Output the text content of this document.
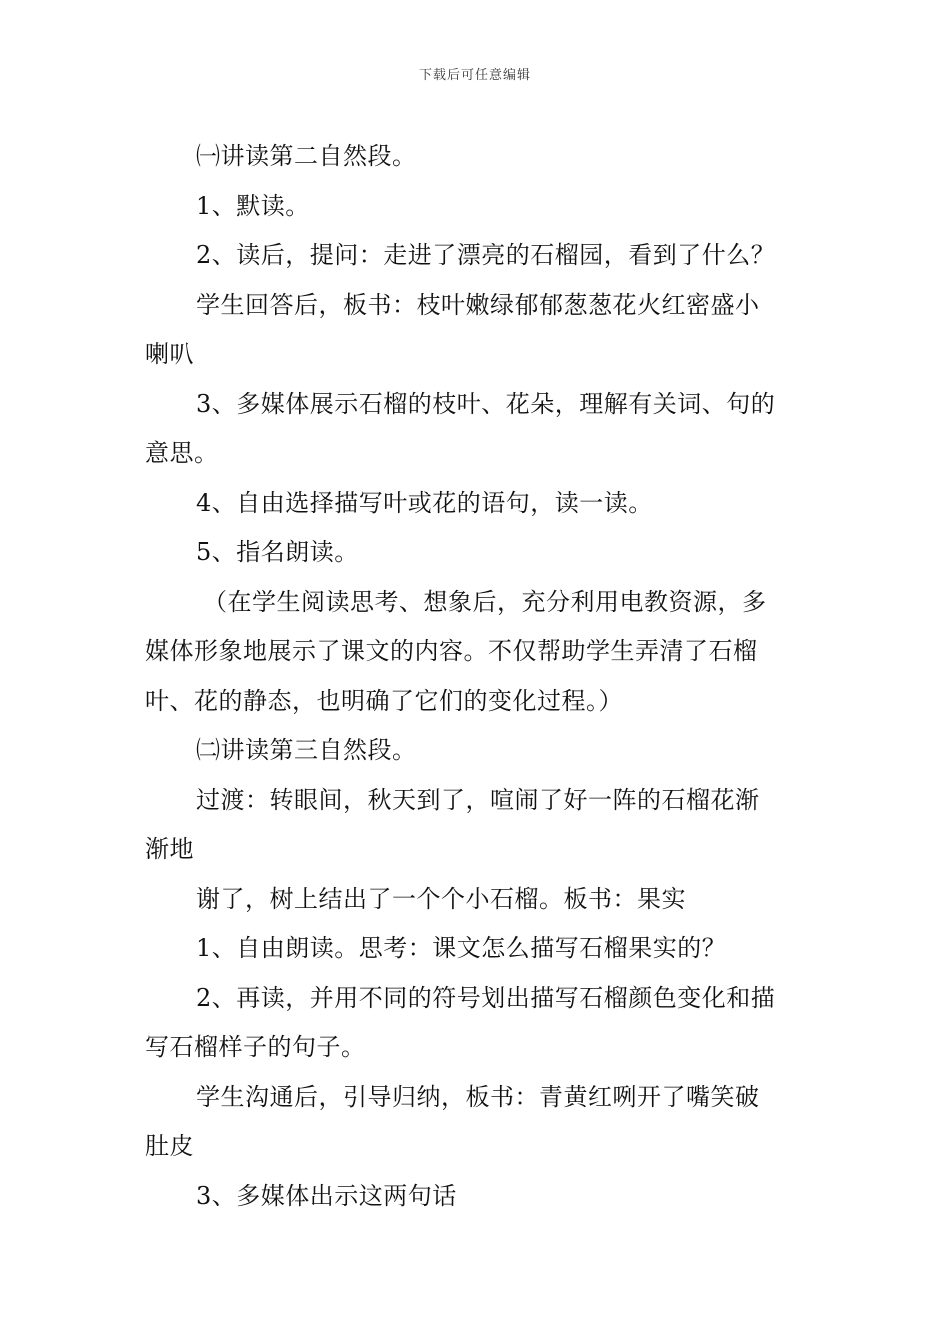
下载后可任意编辑
㈠讲读第二自然段。
1、默读。
2、读后，提问：走进了漂亮的石榴园，看到了什么？
学生回答后，板书：枝叶嫩绿郁郁葱葱花火红密盛小
喇叭
3、多媒体展示石榴的枝叶、花朵，理解有关词、句的
意思。
4、自由选择描写叶或花的语句，读一读。
5、指名朗读。
（在学生阅读思考、想象后，充分利用电教资源，多
媒体形象地展示了课文的内容。不仅帮助学生弄清了石榴
叶、花的静态，也明确了它们的变化过程。）
㈡讲读第三自然段。
过渡：转眼间，秋天到了，喧闹了好一阵的石榴花渐
渐地
谢了，树上结出了一个个小石榴。板书：果实
1、自由朗读。思考：课文怎么描写石榴果实的？
2、再读，并用不同的符号划出描写石榴颜色变化和描
写石榴样子的句子。
学生沟通后，引导归纳，板书：青黄红咧开了嘴笑破
肚皮
3、多媒体出示这两句话
